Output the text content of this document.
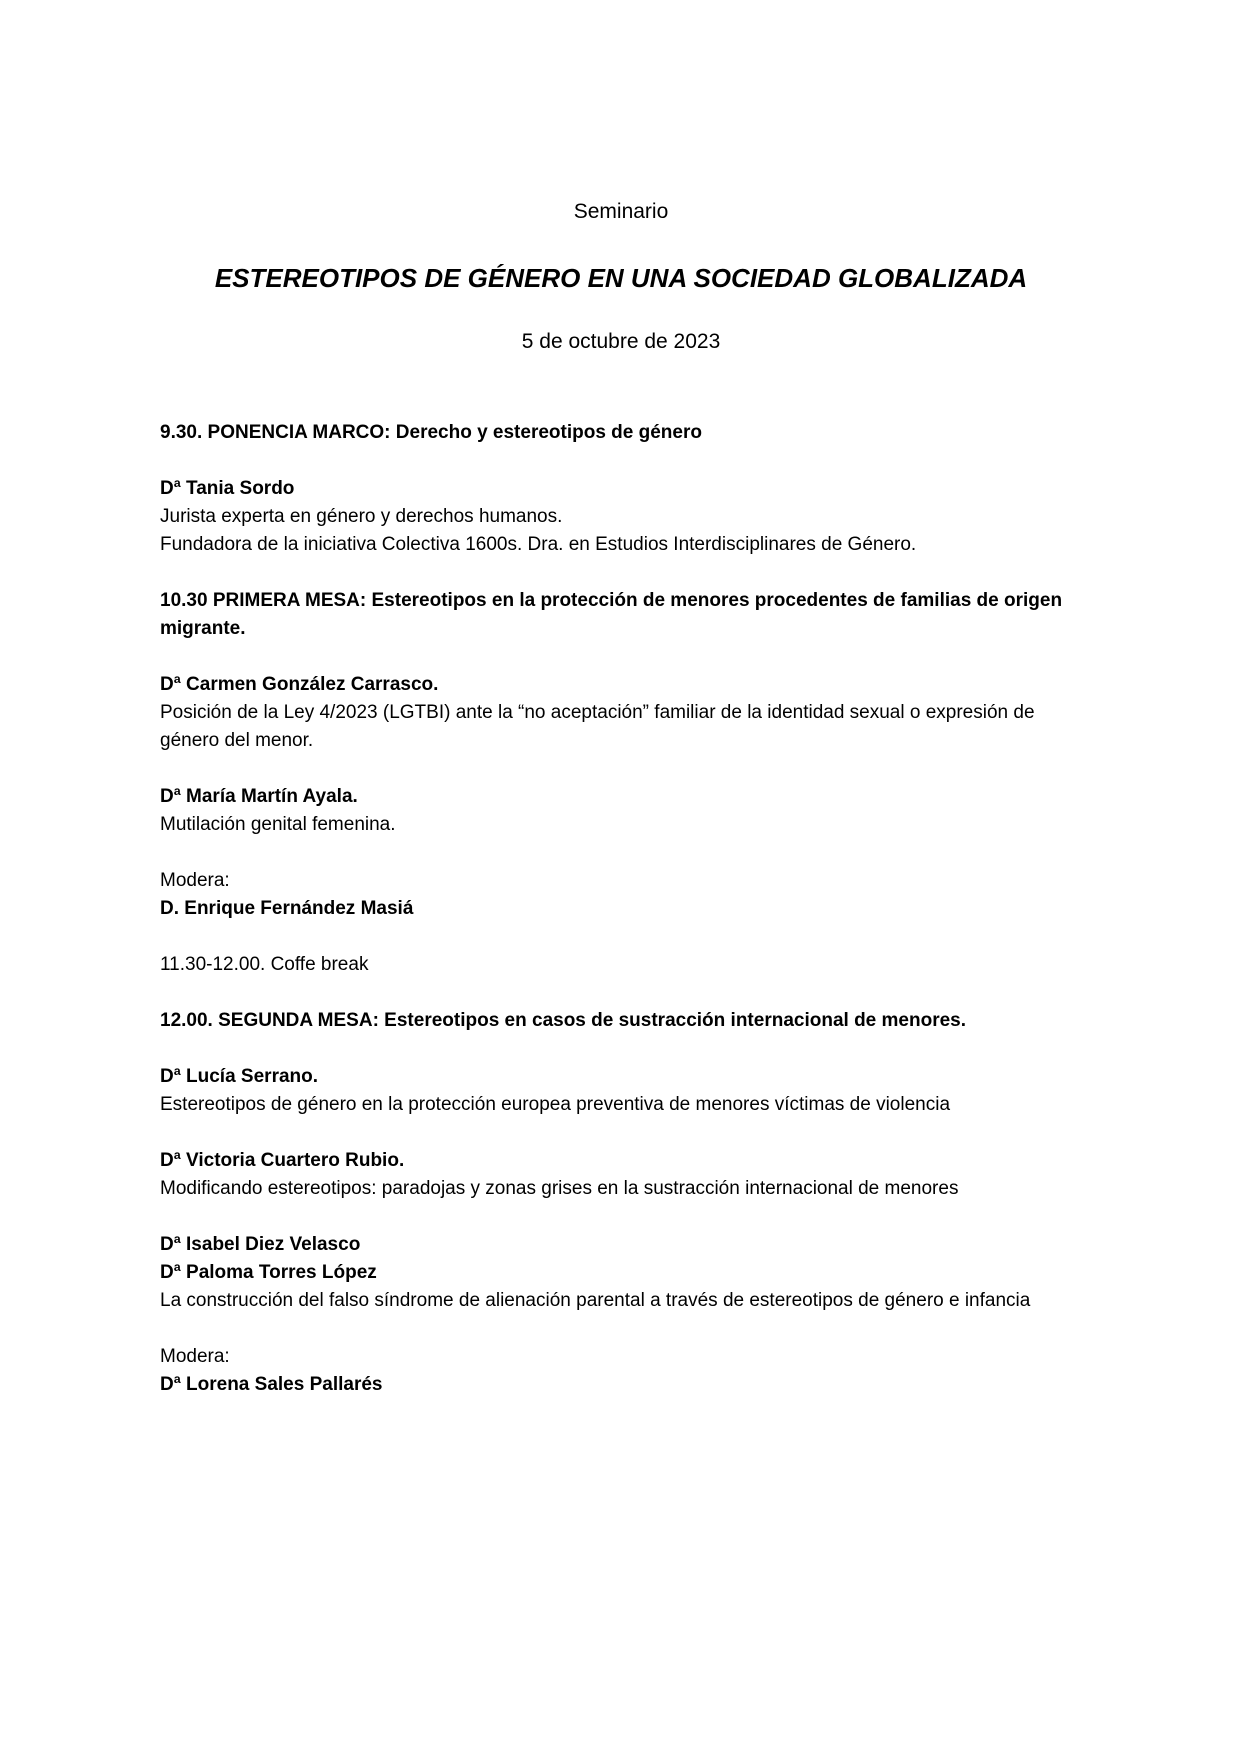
Seminario

ESTEREOTIPOS DE GÉNERO EN UNA SOCIEDAD GLOBALIZADA

5 de octubre de 2023

9.30. PONENCIA MARCO: Derecho y estereotipos de género

Dª Tania Sordo

Jurista experta en género y derechos humanos.

Fundadora de la iniciativa Colectiva 1600s. Dra. en Estudios Interdisciplinares de Género.

10.30 PRIMERA MESA: Estereotipos en la protección de menores procedentes de familias de origen migrante.

Dª Carmen González Carrasco.

Posición de la Ley 4/2023 (LGTBI) ante la “no aceptación” familiar de la identidad sexual o expresión de género del menor.

Dª María Martín Ayala.

Mutilación genital femenina.

Modera:

D. Enrique Fernández Masiá

11.30-12.00. Coffe break

12.00. SEGUNDA MESA: Estereotipos en casos de sustracción internacional de menores.

Dª Lucía Serrano.

Estereotipos de género en la protección europea preventiva de menores víctimas de violencia

Dª Victoria Cuartero Rubio.

Modificando estereotipos: paradojas y zonas grises en la sustracción internacional de menores

Dª Isabel Diez Velasco

Dª Paloma Torres López

La construcción del falso síndrome de alienación parental a través de estereotipos de género e infancia

Modera:

Dª Lorena Sales Pallarés
